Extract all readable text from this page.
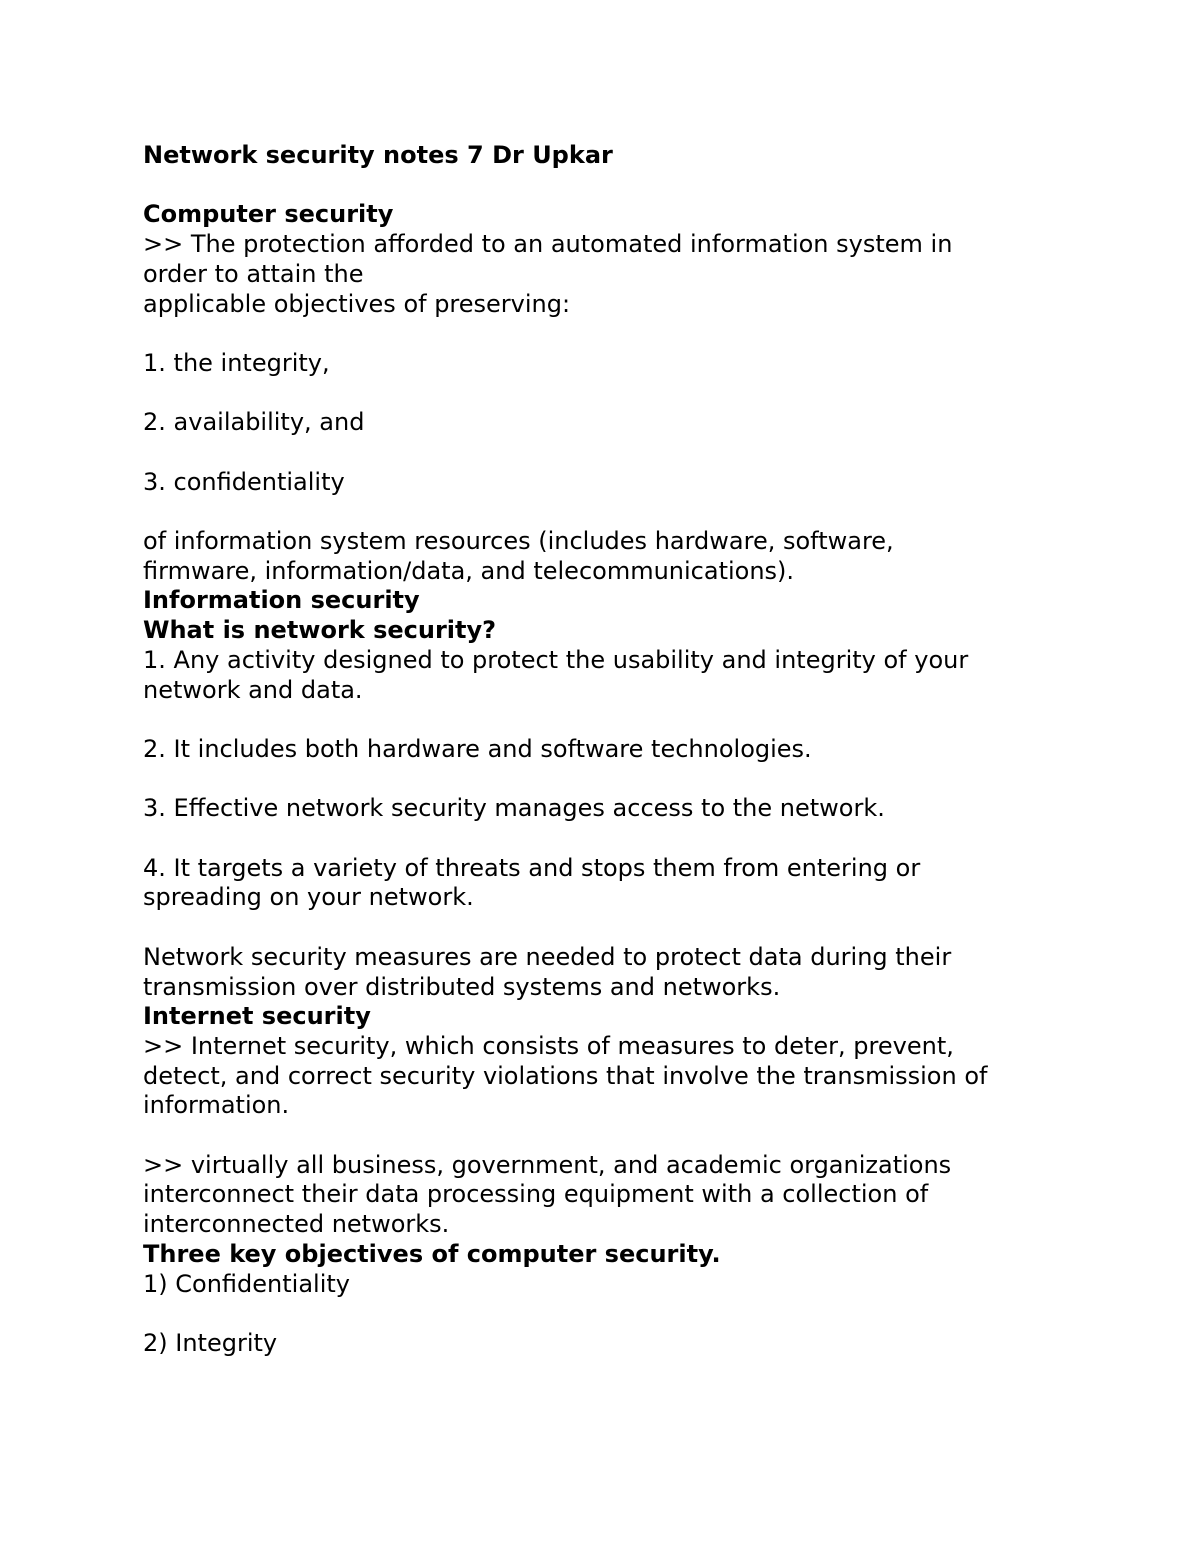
Network security notes 7 Dr Upkar

Computer security

>> The protection afforded to an automated information system in

order to attain the

applicable objectives of preserving:

1. the integrity,

2. availability, and

3. confidentiality

of information system resources (includes hardware, software,

firmware, information/data, and telecommunications).

Information security

What is network security?

1. Any activity designed to protect the usability and integrity of your

network and data.

2. It includes both hardware and software technologies.

3. Effective network security manages access to the network.

4. It targets a variety of threats and stops them from entering or

spreading on your network.

Network security measures are needed to protect data during their

transmission over distributed systems and networks.

Internet security

>> Internet security, which consists of measures to deter, prevent,

detect, and correct security violations that involve the transmission of

information.

>> virtually all business, government, and academic organizations

interconnect their data processing equipment with a collection of

interconnected networks.

Three key objectives of computer security.

1) Confidentiality

2) Integrity
